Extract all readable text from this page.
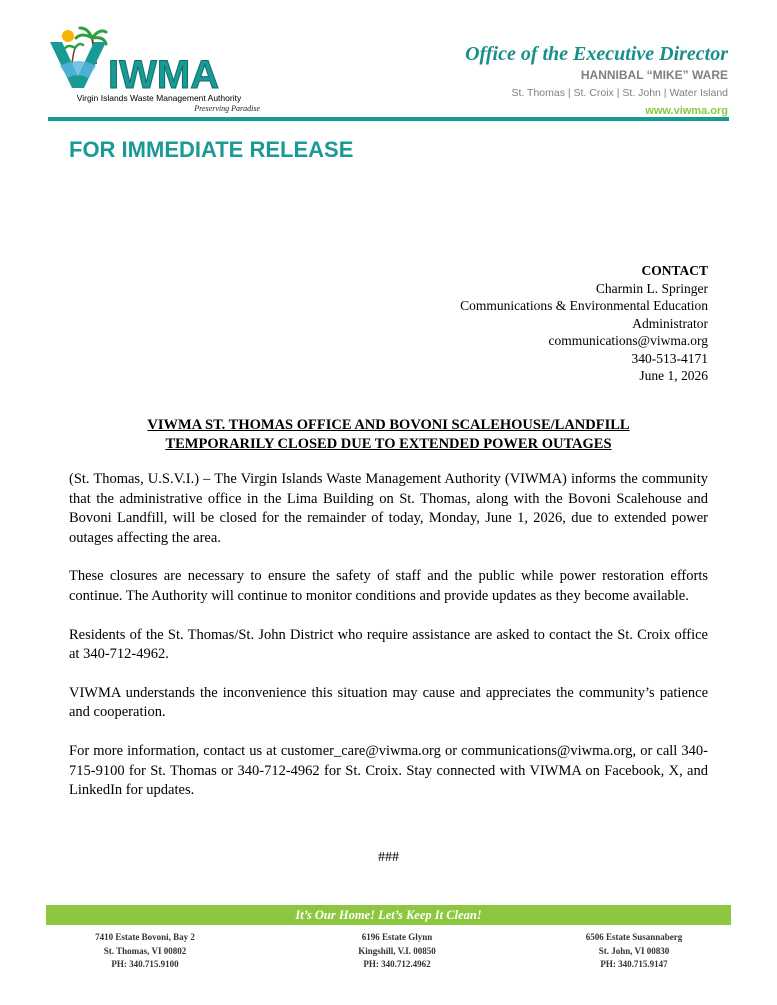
IWMA
Virgin Islands Waste Management Authority
Preserving Paradise
Office of the Executive Director
HANNIBAL “MIKE” WARE
St. Thomas | St. Croix | St. John | Water Island
www.viwma.org
FOR IMMEDIATE RELEASE
CONTACT
Charmin L. Springer
Communications & Environmental Education
Administrator
communications@viwma.org
340-513-4171
June 1, 2026
VIWMA ST. THOMAS OFFICE AND BOVONI SCALEHOUSE/LANDFILL
TEMPORARILY CLOSED DUE TO EXTENDED POWER OUTAGES

(St. Thomas, U.S.V.I.) – The Virgin Islands Waste Management Authority (VIWMA) informs the community that the administrative office in the Lima Building on St. Thomas, along with the Bovoni Scalehouse and Bovoni Landfill, will be closed for the remainder of today, Monday, June 1, 2026, due to extended power outages affecting the area.

These closures are necessary to ensure the safety of staff and the public while power restoration efforts continue. The Authority will continue to monitor conditions and provide updates as they become available.

Residents of the St. Thomas/St. John District who require assistance are asked to contact the St. Croix office at 340-712-4962.

VIWMA understands the inconvenience this situation may cause and appreciates the community’s patience and cooperation.

For more information, contact us at customer_care@viwma.org or communications@viwma.org, or call 340-715-9100 for St. Thomas or 340-712-4962 for St. Croix. Stay connected with VIWMA on Facebook, X, and LinkedIn for updates.

###
It’s Our Home! Let’s Keep It Clean!
7410 Estate Bovoni, Bay 2
St. Thomas, VI 00802
PH: 340.715.9100
6196 Estate Glynn
Kingshill, V.I. 00850
PH: 340.712.4962
6506 Estate Susannaberg
St. John, VI 00830
PH: 340.715.9147
